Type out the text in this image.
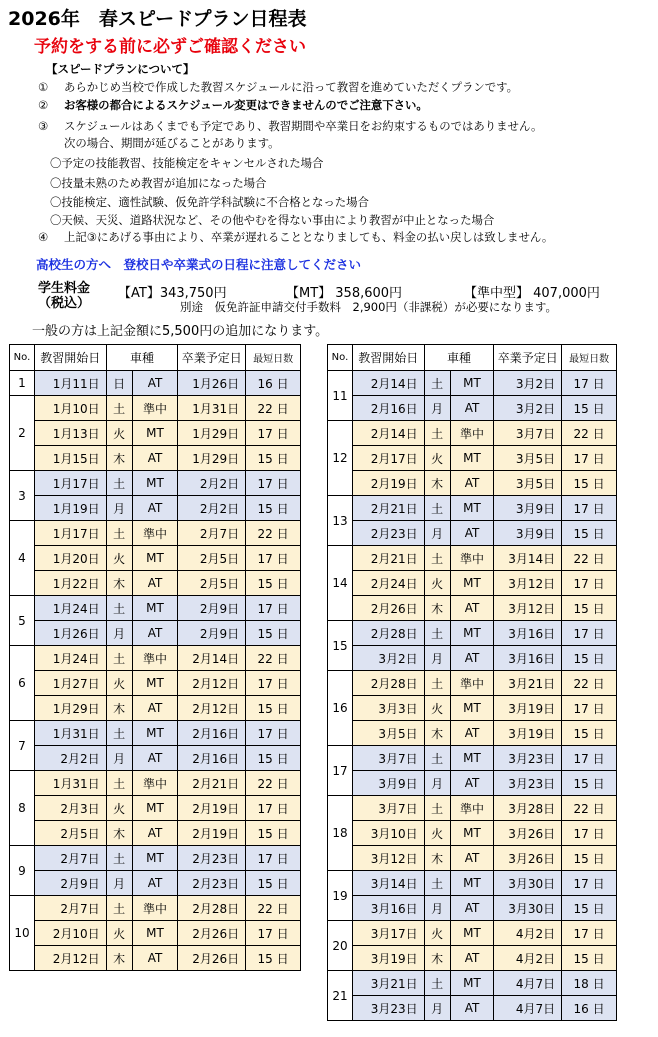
2026年　春スピードプラン日程表
予約をする前に必ずご確認ください
【スピードプランについて】
① あらかじめ当校で作成した教習スケジュールに沿って教習を進めていただくプランです。
② お客様の都合によるスケジュール変更はできませんのでご注意下さい。
③ スケジュールはあくまでも予定であり、教習期間や卒業日をお約束するものではありません。
次の場合、期間が延びることがあります。
〇予定の技能教習、技能検定をキャンセルされた場合
〇技量未熟のため教習が追加になった場合
〇技能検定、適性試験、仮免許学科試験に不合格となった場合
〇天候、天災、道路状況など、その他やむを得ない事由により教習が中止となった場合
④ 上記③にあげる事由により、卒業が遅れることとなりましても、料金の払い戻しは致しません。
高校生の方へ　登校日や卒業式の日程に注意してください
学生料金
（税込）
【AT】343,750円	【MT】 358,600円	【準中型】 407,000円
別途　仮免許証申請交付手数料　2,900円（非課税）が必要になります。
一般の方は上記金額に5,500円の追加になります。
No.	教習開始日	車種		卒業予定日	最短日数
1	1月11日	日	AT	1月26日	16 日
2	1月10日	土	準中	1月31日	22 日
	1月13日	火	MT	1月29日	17 日
	1月15日	木	AT	1月29日	15 日
3	1月17日	土	MT	2月2日	17 日
	1月19日	月	AT	2月2日	15 日
4	1月17日	土	準中	2月7日	22 日
	1月20日	火	MT	2月5日	17 日
	1月22日	木	AT	2月5日	15 日
5	1月24日	土	MT	2月9日	17 日
	1月26日	月	AT	2月9日	15 日
6	1月24日	土	準中	2月14日	22 日
	1月27日	火	MT	2月12日	17 日
	1月29日	木	AT	2月12日	15 日
7	1月31日	土	MT	2月16日	17 日
	2月2日	月	AT	2月16日	15 日
8	1月31日	土	準中	2月21日	22 日
	2月3日	火	MT	2月19日	17 日
	2月5日	木	AT	2月19日	15 日
9	2月7日	土	MT	2月23日	17 日
	2月9日	月	AT	2月23日	15 日
10	2月7日	土	準中	2月28日	22 日
	2月10日	火	MT	2月26日	17 日
	2月12日	木	AT	2月26日	15 日
No.	教習開始日	車種		卒業予定日	最短日数
11	2月14日	土	MT	3月2日	17 日
	2月16日	月	AT	3月2日	15 日
12	2月14日	土	準中	3月7日	22 日
	2月17日	火	MT	3月5日	17 日
	2月19日	木	AT	3月5日	15 日
13	2月21日	土	MT	3月9日	17 日
	2月23日	月	AT	3月9日	15 日
14	2月21日	土	準中	3月14日	22 日
	2月24日	火	MT	3月12日	17 日
	2月26日	木	AT	3月12日	15 日
15	2月28日	土	MT	3月16日	17 日
	3月2日	月	AT	3月16日	15 日
16	2月28日	土	準中	3月21日	22 日
	3月3日	火	MT	3月19日	17 日
	3月5日	木	AT	3月19日	15 日
17	3月7日	土	MT	3月23日	17 日
	3月9日	月	AT	3月23日	15 日
18	3月7日	土	準中	3月28日	22 日
	3月10日	火	MT	3月26日	17 日
	3月12日	木	AT	3月26日	15 日
19	3月14日	土	MT	3月30日	17 日
	3月16日	月	AT	3月30日	15 日
20	3月17日	火	MT	4月2日	17 日
	3月19日	木	AT	4月2日	15 日
21	3月21日	土	MT	4月7日	18 日
	3月23日	月	AT	4月7日	16 日
